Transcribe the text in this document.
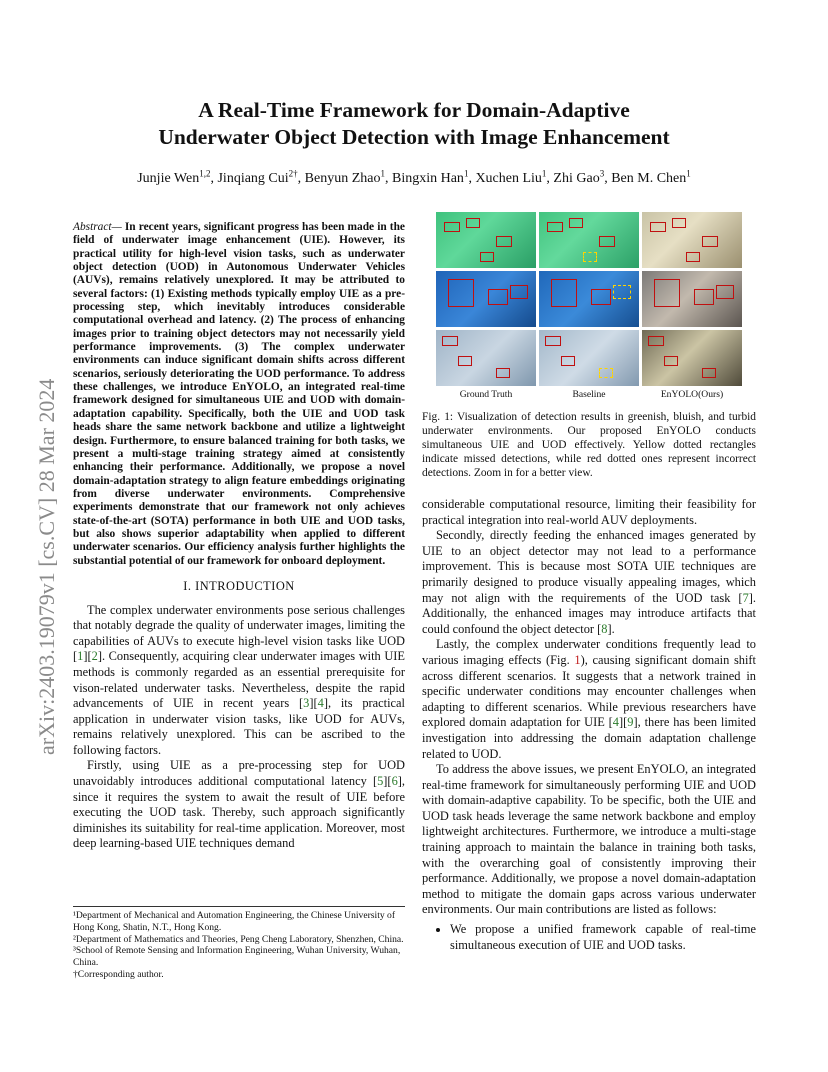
arXiv:2403.19079v1 [cs.CV] 28 Mar 2024
A Real-Time Framework for Domain-Adaptive
Underwater Object Detection with Image Enhancement
Junjie Wen$^{1,2}$, Jinqiang Cui$^{2\dagger}$, Benyun Zhao$^1$, Bingxin Han$^1$, Xuchen Liu$^1$, Zhi Gao$^3$, Ben M. Chen$^1$
Abstract— In recent years, significant progress has been made in the field of underwater image enhancement (UIE). However, its practical utility for high-level vision tasks, such as underwater object detection (UOD) in Autonomous Underwater Vehicles (AUVs), remains relatively unexplored. It may be attributed to several factors: (1) Existing methods typically employ UIE as a pre-processing step, which inevitably introduces considerable computational overhead and latency. (2) The process of enhancing images prior to training object detectors may not necessarily yield performance improvements. (3) The complex underwater environments can induce significant domain shifts across different scenarios, seriously deteriorating the UOD performance. To address these challenges, we introduce EnYOLO, an integrated real-time framework designed for simultaneous UIE and UOD with domain-adaptation capability. Specifically, both the UIE and UOD task heads share the same network backbone and utilize a lightweight design. Furthermore, to ensure balanced training for both tasks, we present a multi-stage training strategy aimed at consistently enhancing their performance. Additionally, we propose a novel domain-adaptation strategy to align feature embeddings originating from diverse underwater environments. Comprehensive experiments demonstrate that our framework not only achieves state-of-the-art (SOTA) performance in both UIE and UOD tasks, but also shows superior adaptability when applied to different underwater scenarios. Our efficiency analysis further highlights the substantial potential of our framework for onboard deployment.
I. INTRODUCTION

The complex underwater environments pose serious challenges that notably degrade the quality of underwater images, limiting the capabilities of AUVs to execute high-level vision tasks like UOD [1][2]. Consequently, acquiring clear underwater images with UIE methods is commonly regarded as an essential prerequisite for vison-related underwater tasks. Nevertheless, despite the rapid advancements of UIE in recent years [3][4], its practical application in underwater vision tasks, like UOD for AUVs, remains relatively unexplored. This can be ascribed to the following factors.

Firstly, using UIE as a pre-processing step for UOD unavoidably introduces additional computational latency [5][6], since it requires the system to await the result of UIE before executing the UOD task. Thereby, such approach significantly diminishes its suitability for real-time application. Moreover, most deep learning-based UIE techniques demand

¹Department of Mechanical and Automation Engineering, the Chinese University of Hong Kong, Shatin, N.T., Hong Kong.
²Department of Mathematics and Theories, Peng Cheng Laboratory, Shenzhen, China.
³School of Remote Sensing and Information Engineering, Wuhan University, Wuhan, China.
†Corresponding author.
Ground Truth	Baseline	EnYOLO(Ours)
Fig. 1: Visualization of detection results in greenish, bluish, and turbid underwater environments. Our proposed EnYOLO conducts simultaneous UIE and UOD effectively. Yellow dotted rectangles indicate missed detections, while red dotted ones represent incorrect detections. Zoom in for a better view.

considerable computational resource, limiting their feasibility for practical integration into real-world AUV deployments.

Secondly, directly feeding the enhanced images generated by UIE to an object detector may not lead to a performance improvement. This is because most SOTA UIE techniques are primarily designed to produce visually appealing images, which may not align with the requirements of the UOD task [7]. Additionally, the enhanced images may introduce artifacts that could confound the object detector [8].

Lastly, the complex underwater conditions frequently lead to various imaging effects (Fig. 1), causing significant domain shift across different scenarios. It suggests that a network trained in specific underwater conditions may encounter challenges when adapting to different scenarios. While previous researchers have explored domain adaptation for UIE [4][9], there has been limited investigation into addressing the domain adaptation challenge related to UOD.

To address the above issues, we present EnYOLO, an integrated real-time framework for simultaneously performing UIE and UOD with domain-adaptive capability. To be specific, both the UIE and UOD task heads leverage the same network backbone and employ lightweight architectures. Furthermore, we introduce a multi-stage training approach to maintain the balance in training both tasks, with the overarching goal of consistently improving their performance. Additionally, we propose a novel domain-adaptation method to mitigate the domain gaps across various underwater environments. Our main contributions are listed as follows:

• We propose a unified framework capable of real-time simultaneous execution of UIE and UOD tasks.
